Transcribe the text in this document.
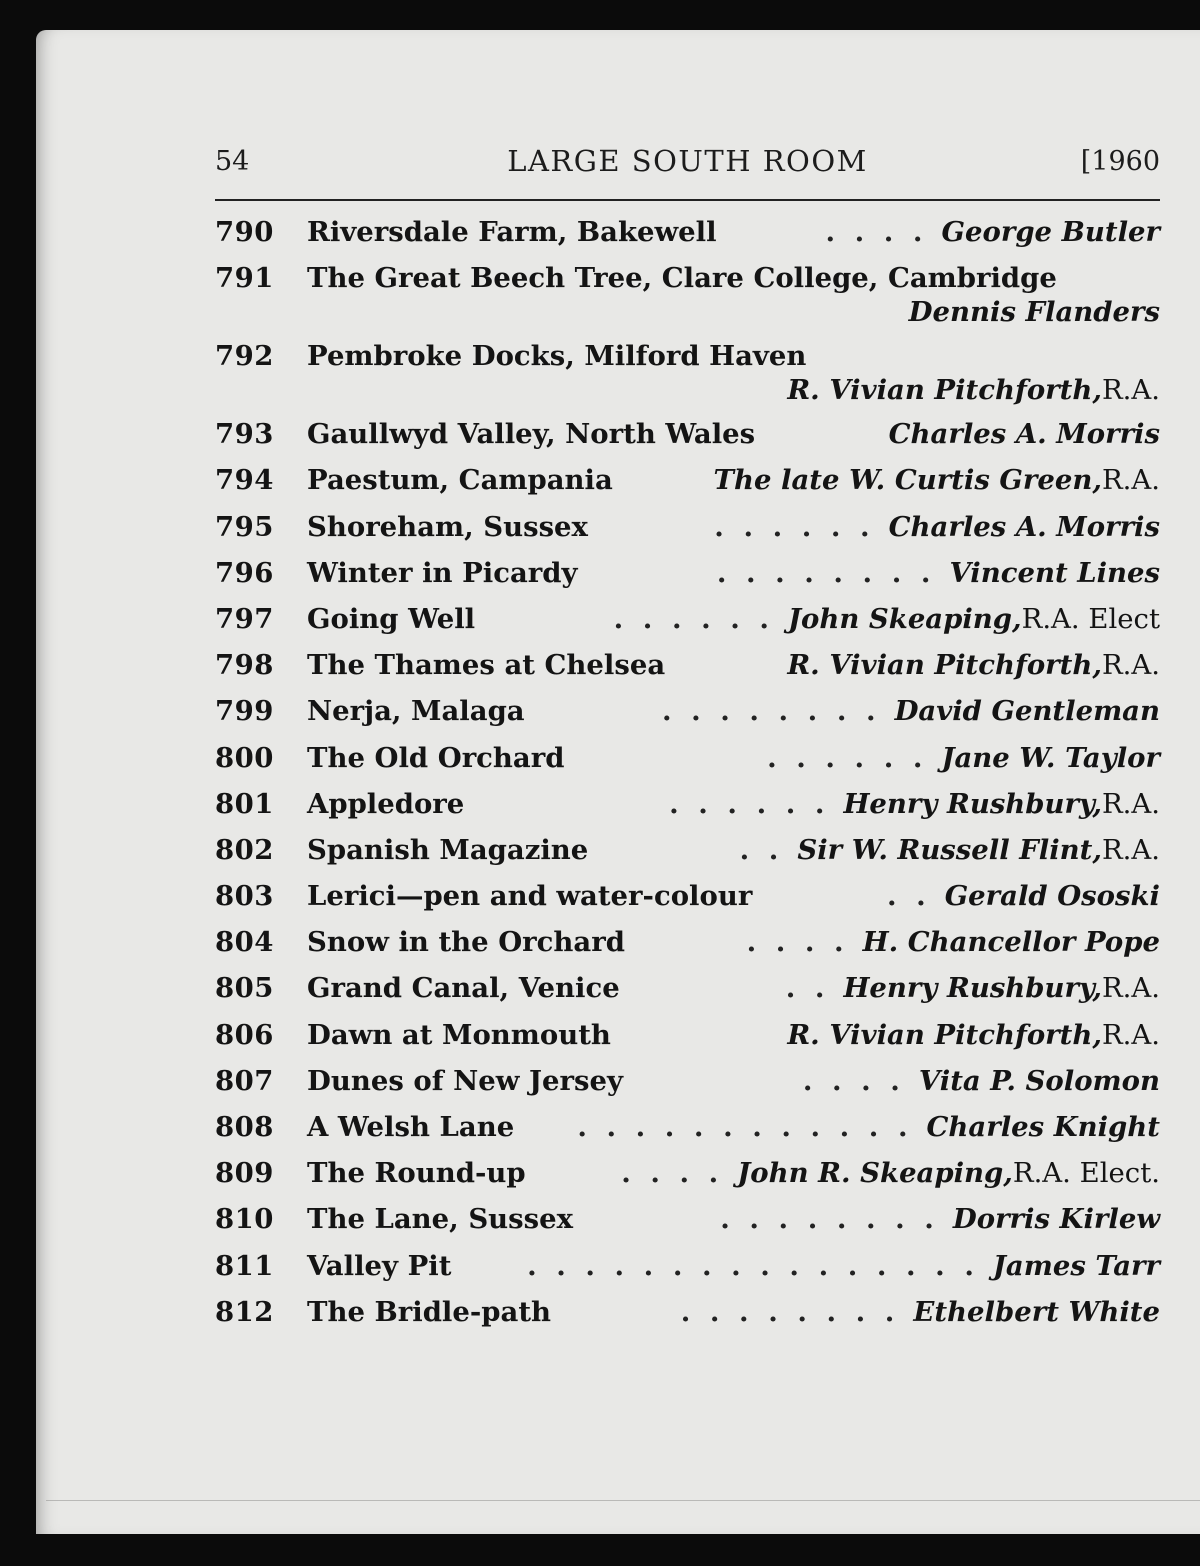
54	LARGE SOUTH ROOM	[1960
790 Riversdale Farm, Bakewell	. . . . George Butler
791 The Great Beech Tree, Clare College, Cambridge
Dennis Flanders
792 Pembroke Docks, Milford Haven
R. Vivian Pitchforth, R.A.
793 Gaullwyd Valley, North Wales	Charles A. Morris
794 Paestum, Campania	The late W. Curtis Green, R.A.
795 Shoreham, Sussex	. . . . . . Charles A. Morris
796 Winter in Picardy	. . . . . . . . Vincent Lines
797 Going Well	. . . . . . John Skeaping, R.A. Elect
798 The Thames at Chelsea	R. Vivian Pitchforth, R.A.
799 Nerja, Malaga	. . . . . . . . David Gentleman
800 The Old Orchard	. . . . . . Jane W. Taylor
801 Appledore	. . . . . . Henry Rushbury, R.A.
802 Spanish Magazine	. . Sir W. Russell Flint, R.A.
803 Lerici—pen and water-colour	. . Gerald Ososki
804 Snow in the Orchard	. . . . H. Chancellor Pope
805 Grand Canal, Venice	. . Henry Rushbury, R.A.
806 Dawn at Monmouth	R. Vivian Pitchforth, R.A.
807 Dunes of New Jersey	. . . . Vita P. Solomon
808 A Welsh Lane	. . . . . . . . . . . . Charles Knight
809 The Round-up	. . . . John R. Skeaping, R.A. Elect.
810 The Lane, Sussex	. . . . . . . . Dorris Kirlew
811 Valley Pit	. . . . . . . . . . . . . . . . James Tarr
812 The Bridle-path	. . . . . . . . Ethelbert White
